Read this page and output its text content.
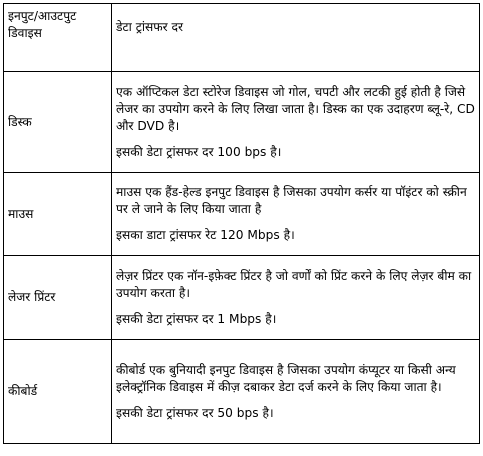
इनपुट/आउटपुट डिवाइस	डेटा ट्रांसफर दर
डिस्क	एक ऑप्टिकल डेटा स्टोरेज डिवाइस जो गोल, चपटी और लटकी हुई होती है जिसे लेजर का उपयोग करने के लिए लिखा जाता है। डिस्क का एक उदाहरण ब्लू-रे, CD और DVD है।
इसकी डेटा ट्रांसफर दर 100 bps है।

माउस	माउस एक हैंड-हेल्ड इनपुट डिवाइस है जिसका उपयोग कर्सर या पॉइंटर को स्क्रीन पर ले जाने के लिए किया जाता है
इसका डाटा ट्रांसफर रेट 120 Mbps है।

लेजर प्रिंटर	लेज़र प्रिंटर एक नॉन-इफ़ेक्ट प्रिंटर है जो वर्णों को प्रिंट करने के लिए लेज़र बीम का उपयोग करता है।
इसकी डेटा ट्रांसफर दर 1 Mbps है।

कीबोर्ड	कीबोर्ड एक बुनियादी इनपुट डिवाइस है जिसका उपयोग कंप्यूटर या किसी अन्य इलेक्ट्रॉनिक डिवाइस में कीज़ दबाकर डेटा दर्ज करने के लिए किया जाता है।
इसकी डेटा ट्रांसफर दर 50 bps है।
